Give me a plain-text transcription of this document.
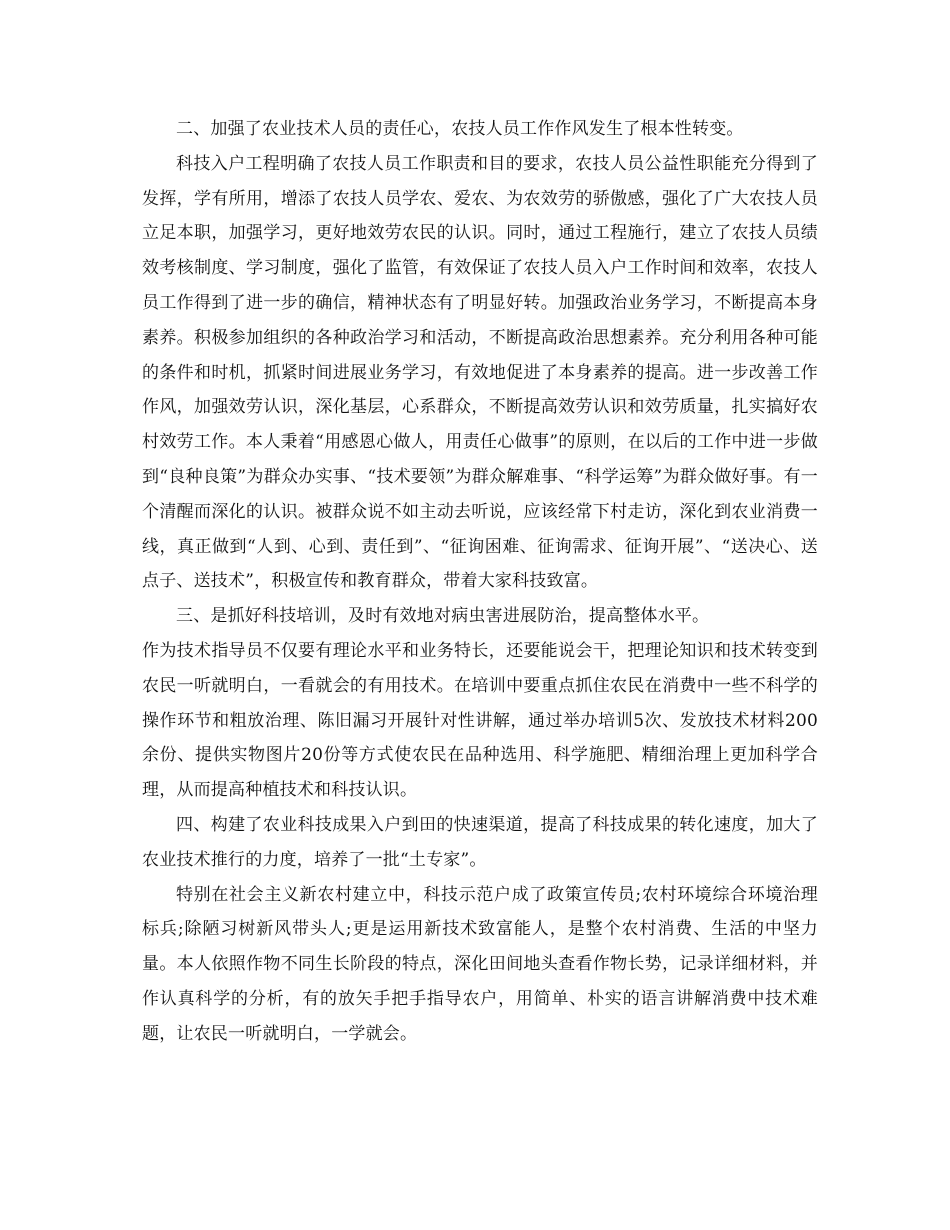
二、加强了农业技术人员的责任心，农技人员工作作风发生了根本性转变。

科技入户工程明确了农技人员工作职责和目的要求，农技人员公益性职能充分得到了发挥，学有所用，增添了农技人员学农、爱农、为农效劳的骄傲感，强化了广大农技人员立足本职，加强学习，更好地效劳农民的认识。同时，通过工程施行，建立了农技人员绩效考核制度、学习制度，强化了监管，有效保证了农技人员入户工作时间和效率，农技人员工作得到了进一步的确信，精神状态有了明显好转。加强政治业务学习，不断提高本身素养。积极参加组织的各种政治学习和活动，不断提高政治思想素养。充分利用各种可能的条件和时机，抓紧时间进展业务学习，有效地促进了本身素养的提高。进一步改善工作作风，加强效劳认识，深化基层，心系群众，不断提高效劳认识和效劳质量，扎实搞好农村效劳工作。本人秉着“用感恩心做人，用责任心做事”的原则，在以后的工作中进一步做到“良种良策”为群众办实事、“技术要领”为群众解难事、“科学运筹”为群众做好事。有一个清醒而深化的认识。被群众说不如主动去听说，应该经常下村走访，深化到农业消费一线，真正做到“人到、心到、责任到”、“征询困难、征询需求、征询开展”、“送决心、送点子、送技术”，积极宣传和教育群众，带着大家科技致富。

三、是抓好科技培训，及时有效地对病虫害进展防治，提高整体水平。

作为技术指导员不仅要有理论水平和业务特长，还要能说会干，把理论知识和技术转变到农民一听就明白，一看就会的有用技术。在培训中要重点抓住农民在消费中一些不科学的操作环节和粗放治理、陈旧漏习开展针对性讲解，通过举办培训5次、发放技术材料200余份、提供实物图片20份等方式使农民在品种选用、科学施肥、精细治理上更加科学合理，从而提高种植技术和科技认识。

四、构建了农业科技成果入户到田的快速渠道，提高了科技成果的转化速度，加大了农业技术推行的力度，培养了一批“土专家”。

特别在社会主义新农村建立中，科技示范户成了政策宣传员;农村环境综合环境治理标兵;除陋习树新风带头人;更是运用新技术致富能人，是整个农村消费、生活的中坚力量。本人依照作物不同生长阶段的特点，深化田间地头查看作物长势，记录详细材料，并作认真科学的分析，有的放矢手把手指导农户，用简单、朴实的语言讲解消费中技术难题，让农民一听就明白，一学就会。
